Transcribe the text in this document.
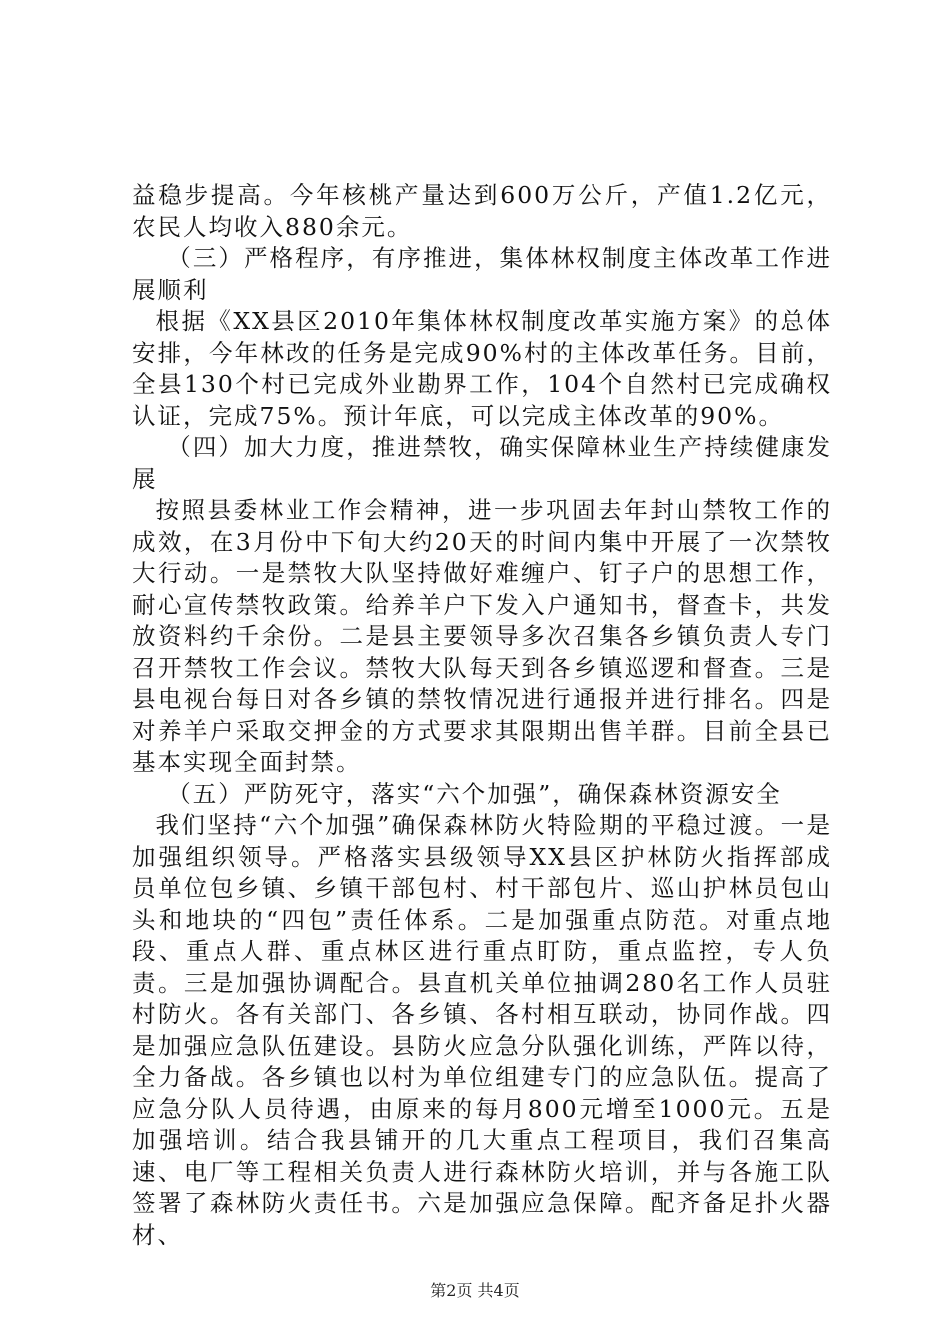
益稳步提高。今年核桃产量达到600万公斤，产值1.2亿元，农民人均收入880余元。

（三）严格程序，有序推进，集体林权制度主体改革工作进展顺利

根据《XX县区2010年集体林权制度改革实施方案》的总体安排，今年林改的任务是完成90%村的主体改革任务。目前，全县130个村已完成外业勘界工作，104个自然村已完成确权认证，完成75%。预计年底，可以完成主体改革的90%。

（四）加大力度，推进禁牧，确实保障林业生产持续健康发展

按照县委林业工作会精神，进一步巩固去年封山禁牧工作的成效，在3月份中下旬大约20天的时间内集中开展了一次禁牧大行动。一是禁牧大队坚持做好难缠户、钉子户的思想工作，耐心宣传禁牧政策。给养羊户下发入户通知书，督查卡，共发放资料约千余份。二是县主要领导多次召集各乡镇负责人专门召开禁牧工作会议。禁牧大队每天到各乡镇巡逻和督查。三是县电视台每日对各乡镇的禁牧情况进行通报并进行排名。四是对养羊户采取交押金的方式要求其限期出售羊群。目前全县已基本实现全面封禁。

（五）严防死守，落实“六个加强”，确保森林资源安全

我们坚持“六个加强”确保森林防火特险期的平稳过渡。一是加强组织领导。严格落实县级领导XX县区护林防火指挥部成员单位包乡镇、乡镇干部包村、村干部包片、巡山护林员包山头和地块的“四包”责任体系。二是加强重点防范。对重点地段、重点人群、重点林区进行重点盯防，重点监控，专人负责。三是加强协调配合。县直机关单位抽调280名工作人员驻村防火。各有关部门、各乡镇、各村相互联动，协同作战。四是加强应急队伍建设。县防火应急分队强化训练，严阵以待，全力备战。各乡镇也以村为单位组建专门的应急队伍。提高了应急分队人员待遇，由原来的每月800元增至1000元。五是加强培训。结合我县铺开的几大重点工程项目，我们召集高速、电厂等工程相关负责人进行森林防火培训，并与各施工队签署了森林防火责任书。六是加强应急保障。配齐备足扑火器材、

第2页 共4页
